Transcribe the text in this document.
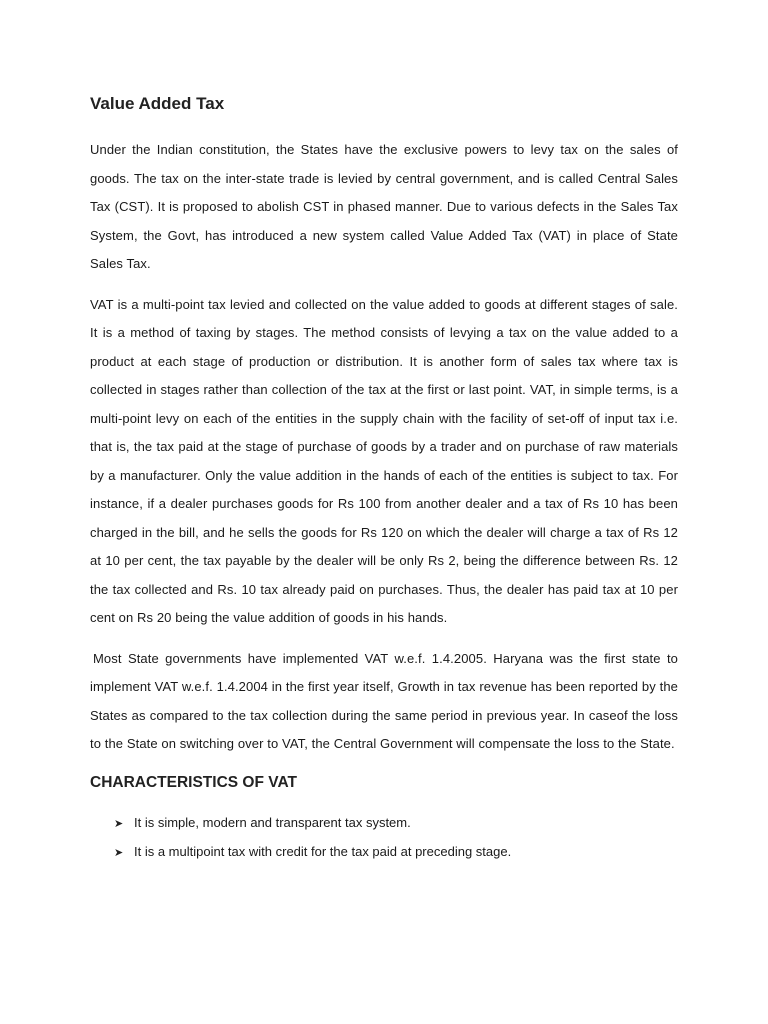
Value Added Tax

Under the Indian constitution, the States have the exclusive powers to levy tax on the sales of goods. The tax on the inter-state trade is levied by central government, and is called Central Sales Tax (CST). It is proposed to abolish CST in phased manner. Due to various defects in the Sales Tax System, the Govt, has introduced a new system called Value Added Tax (VAT) in place of State Sales Tax.

VAT is a multi-point tax levied and collected on the value added to goods at different stages of sale. It is a method of taxing by stages. The method consists of levying a tax on the value added to a product at each stage of production or distribution. It is another form of sales tax where tax is collected in stages rather than collection of the tax at the first or last point. VAT, in simple terms, is a multi-point levy on each of the entities in the supply chain with the facility of set-off of input tax i.e. that is, the tax paid at the stage of purchase of goods by a trader and on purchase of raw materials by a manufacturer. Only the value addition in the hands of each of the entities is subject to tax. For instance, if a dealer purchases goods for Rs 100 from another dealer and a tax of Rs 10 has been charged in the bill, and he sells the goods for Rs 120 on which the dealer will charge a tax of Rs 12 at 10 per cent, the tax payable by the dealer will be only Rs 2, being the difference between Rs. 12 the tax collected and Rs. 10 tax already paid on purchases. Thus, the dealer has paid tax at 10 per cent on Rs 20 being the value addition of goods in his hands.

Most State governments have implemented VAT w.e.f. 1.4.2005. Haryana was the first state to implement VAT w.e.f. 1.4.2004 in the first year itself, Growth in tax revenue has been reported by the States as compared to the tax collection during the same period in previous year. In caseof the loss to the State on switching over to VAT, the Central Government will compensate the loss to the State.

CHARACTERISTICS OF VAT
➤ It is simple, modern and transparent tax system.
➤ It is a multipoint tax with credit for the tax paid at preceding stage.
